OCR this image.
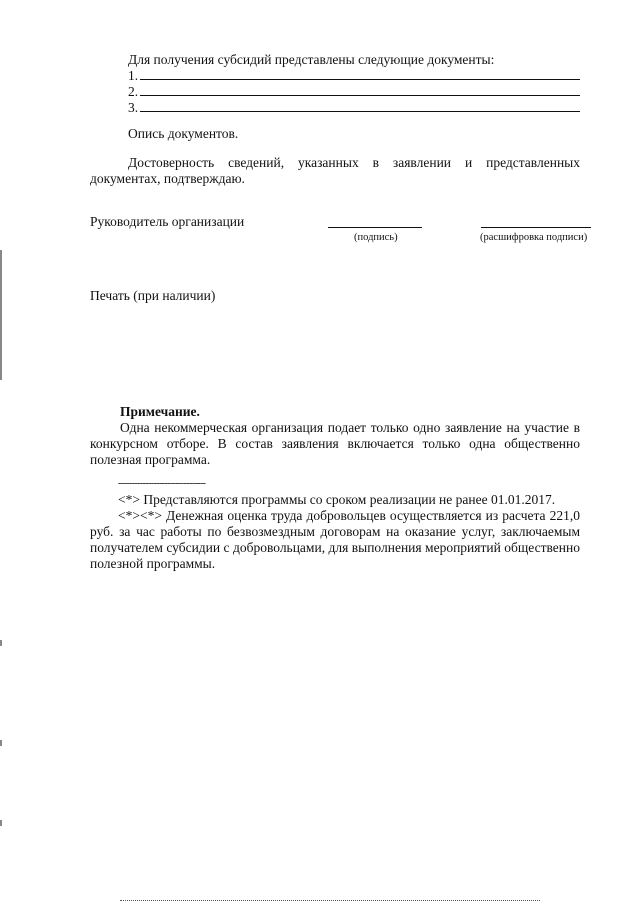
Для получения субсидий представлены следующие документы:
1.
2.
3.
Опись документов.
Достоверность сведений, указанных в заявлении и представленных документах, подтверждаю.
Руководитель организации
(подпись)	(расшифровка подписи)
Печать (при наличии)
Примечание.
Одна некоммерческая организация подает только одно заявление на участие в конкурсном отборе. В состав заявления включается только одна общественно полезная программа.
--------------------------------
<*> Представляются программы со сроком реализации не ранее 01.01.2017.
<*><*> Денежная оценка труда добровольцев осуществляется из расчета 221,0 руб. за час работы по безвозмездным договорам на оказание услуг, заключаемым получателем субсидии с добровольцами, для выполнения мероприятий общественно полезной программы.
